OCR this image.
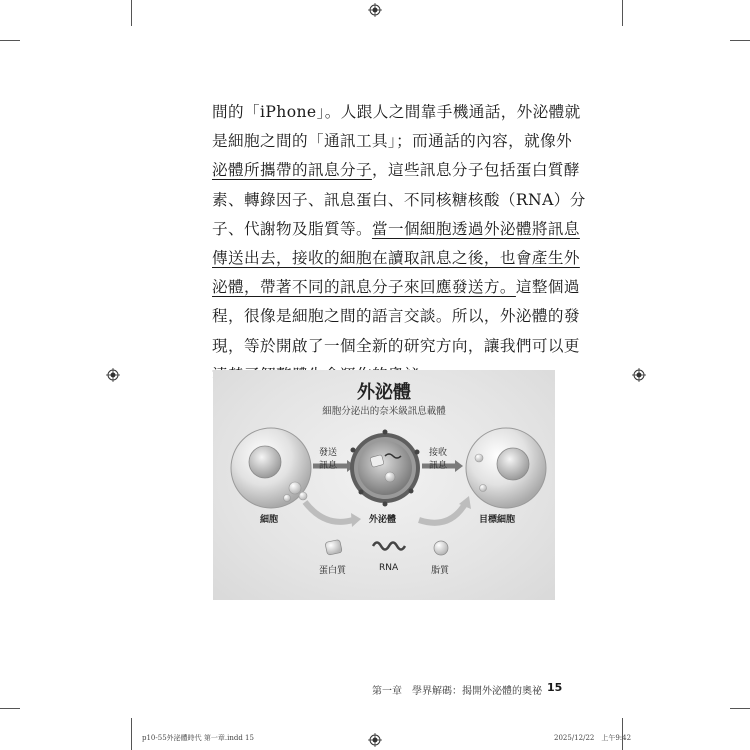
間的「iPhone」。人跟人之間靠手機通話，外泌體就
是細胞之間的「通訊工具」；而通話的內容，就像外
泌體所攜帶的訊息分子，這些訊息分子包括蛋白質酵
素、轉錄因子、訊息蛋白、不同核糖核酸（RNA）分
子、代謝物及脂質等。當一個細胞透過外泌體將訊息
傳送出去，接收的細胞在讀取訊息之後，也會產生外
泌體，帶著不同的訊息分子來回應發送方。這整個過
程，很像是細胞之間的語言交談。所以，外泌體的發
現，等於開啟了一個全新的研究方向，讓我們可以更
外泌體
細胞分泌出的奈米級訊息載體
發送
訊息
接收
訊息
細胞	外泌體	目標細胞
蛋白質	RNA	脂質
第一章　學界解碼：揭開外泌體的奧祕 15
p10-55外泌體時代 第一章.indd 15	2025/12/22　上午9:42
